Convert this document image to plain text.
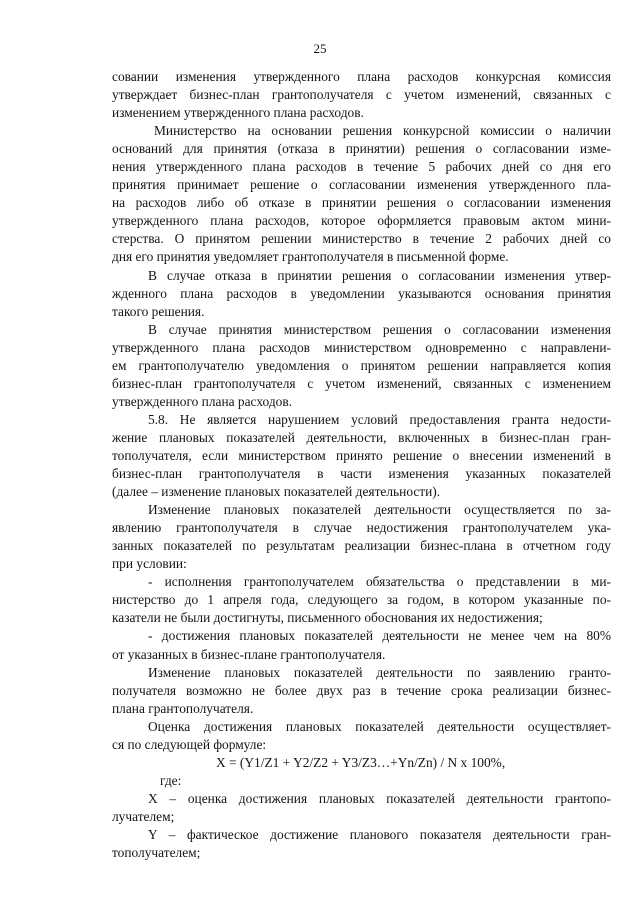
25
совании изменения утвержденного плана расходов конкурсная комиссия
утверждает бизнес-план грантополучателя с учетом изменений, связанных с
изменением утвержденного плана расходов.
Министерство на основании решения конкурсной комиссии о наличии
оснований для принятия (отказа в принятии) решения о согласовании изме-
нения утвержденного плана расходов в течение 5 рабочих дней со дня его
принятия принимает решение о согласовании изменения утвержденного пла-
на расходов либо об отказе в принятии решения о согласовании изменения
утвержденного плана расходов, которое оформляется правовым актом мини-
стерства. О принятом решении министерство в течение 2 рабочих дней со
дня его принятия уведомляет грантополучателя в письменной форме.
В случае отказа в принятии решения о согласовании изменения утвер-
жденного плана расходов в уведомлении указываются основания принятия
такого решения.
В случае принятия министерством решения о согласовании изменения
утвержденного плана расходов министерством одновременно с направлени-
ем грантополучателю уведомления о принятом решении направляется копия
бизнес-план грантополучателя с учетом изменений, связанных с изменением
утвержденного плана расходов.
5.8. Не является нарушением условий предоставления гранта недости-
жение плановых показателей деятельности, включенных в бизнес-план гран-
тополучателя, если министерством принято решение о внесении изменений в
бизнес-план грантополучателя в части изменения указанных показателей
(далее – изменение плановых показателей деятельности).
Изменение плановых показателей деятельности осуществляется по за-
явлению грантополучателя в случае недостижения грантополучателем ука-
занных показателей по результатам реализации бизнес-плана в отчетном году
при условии:
- исполнения грантополучателем обязательства о представлении в ми-
нистерство до 1 апреля года, следующего за годом, в котором указанные по-
казатели не были достигнуты, письменного обоснования их недостижения;
- достижения плановых показателей деятельности не менее чем на 80%
от указанных в бизнес-плане грантополучателя.
Изменение плановых показателей деятельности по заявлению гранто-
получателя возможно не более двух раз в течение срока реализации бизнес-
плана грантополучателя.
Оценка достижения плановых показателей деятельности осуществляет-
ся по следующей формуле:
X = (Y1/Z1 + Y2/Z2 + Y3/Z3…+Yn/Zn) / N x 100%,
где:
X – оценка достижения плановых показателей деятельности грантопо-
лучателем;
Y – фактическое достижение планового показателя деятельности гран-
тополучателем;
